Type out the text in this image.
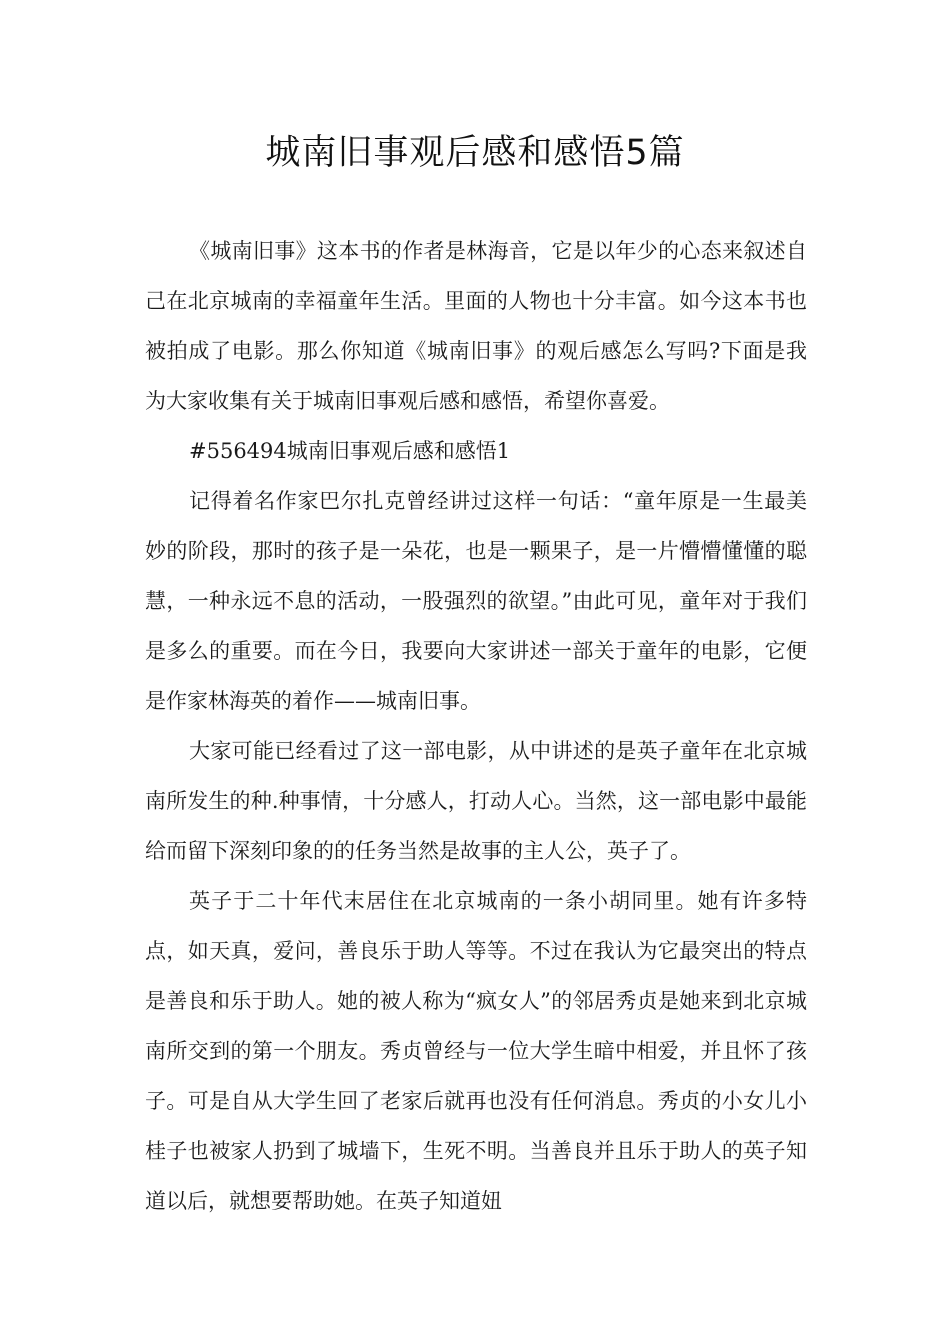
城南旧事观后感和感悟5篇

《城南旧事》这本书的作者是林海音，它是以年少的心态来叙述自己在北京城南的幸福童年生活。里面的人物也十分丰富。如今这本书也被拍成了电影。那么你知道《城南旧事》的观后感怎么写吗?下面是我为大家收集有关于城南旧事观后感和感悟，希望你喜爱。

#556494城南旧事观后感和感悟1

记得着名作家巴尔扎克曾经讲过这样一句话：“童年原是一生最美妙的阶段，那时的孩子是一朵花，也是一颗果子，是一片懵懵懂懂的聪慧，一种永远不息的活动，一股强烈的欲望。”由此可见，童年对于我们是多么的重要。而在今日，我要向大家讲述一部关于童年的电影，它便是作家林海英的着作——城南旧事。

大家可能已经看过了这一部电影，从中讲述的是英子童年在北京城南所发生的种.种事情，十分感人，打动人心。当然，这一部电影中最能给而留下深刻印象的的任务当然是故事的主人公，英子了。

英子于二十年代末居住在北京城南的一条小胡同里。她有许多特点，如天真，爱问，善良乐于助人等等。不过在我认为它最突出的特点是善良和乐于助人。她的被人称为“疯女人”的邻居秀贞是她来到北京城南所交到的第一个朋友。秀贞曾经与一位大学生暗中相爱，并且怀了孩子。可是自从大学生回了老家后就再也没有任何消息。秀贞的小女儿小桂子也被家人扔到了城墙下，生死不明。当善良并且乐于助人的英子知道以后，就想要帮助她。在英子知道妞
